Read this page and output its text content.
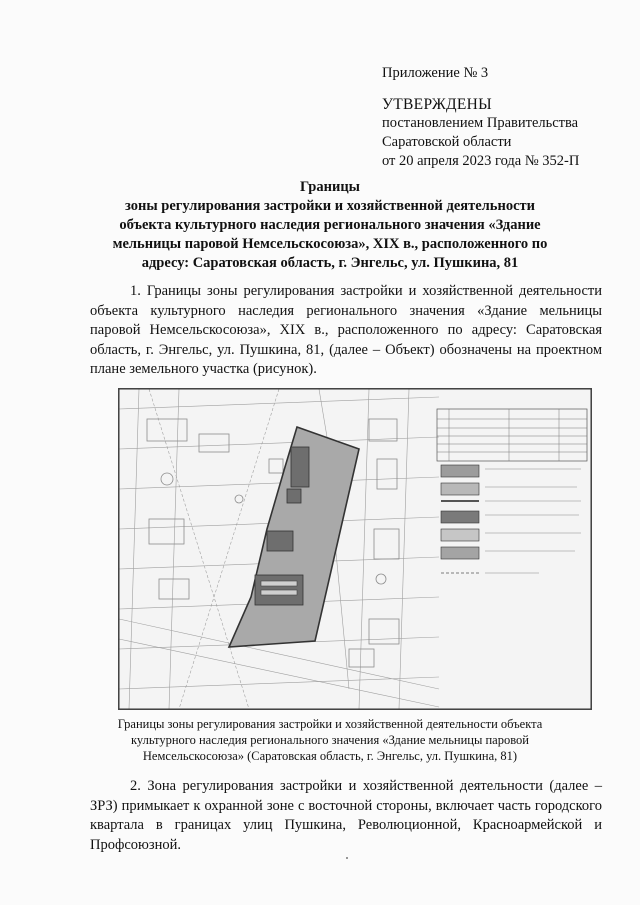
Приложение № 3
УТВЕРЖДЕНЫ
постановлением Правительства
Саратовской области
от 20 апреля 2023 года № 352-П
Границы
зоны регулирования застройки и хозяйственной деятельности
объекта культурного наследия регионального значения «Здание
мельницы паровой Немсельскосоюза», XIX в., расположенного по
адресу: Саратовская область, г. Энгельс, ул. Пушкина, 81
1. Границы зоны регулирования застройки и хозяйственной деятельности объекта культурного наследия регионального значения «Здание мельницы паровой Немсельскосоюза», XIX в., расположенного по адресу: Саратовская область, г. Энгельс, ул. Пушкина, 81, (далее – Объект) обозначены на проектном плане земельного участка (рисунок).
Границы зоны регулирования застройки и хозяйственной деятельности объекта
культурного наследия регионального значения «Здание мельницы паровой
Немсельскосоюза» (Саратовская область, г. Энгельс, ул. Пушкина, 81)
2. Зона регулирования застройки и хозяйственной деятельности (далее – ЗРЗ) примыкает к охранной зоне с восточной стороны, включает часть городского квартала в границах улиц Пушкина, Революционной, Красноармейской и Профсоюзной.
